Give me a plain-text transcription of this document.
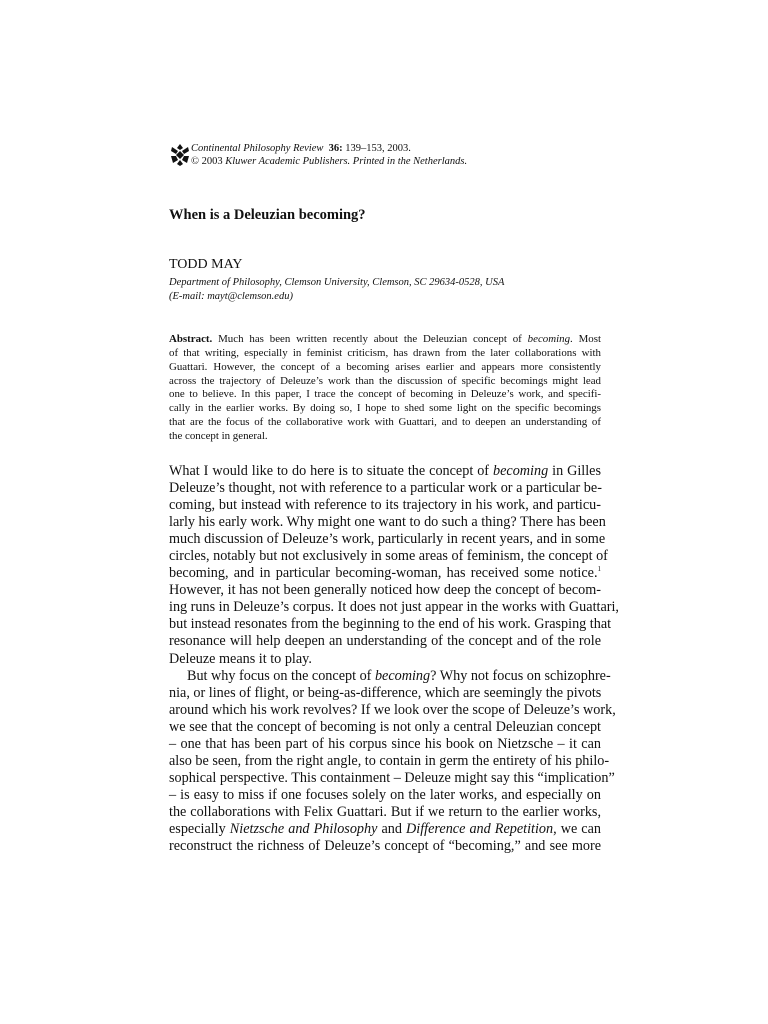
Continental Philosophy Review 36: 139–153, 2003.
© 2003 Kluwer Academic Publishers. Printed in the Netherlands.
When is a Deleuzian becoming?
TODD MAY
Department of Philosophy, Clemson University, Clemson, SC 29634-0528, USA
(E-mail: mayt@clemson.edu)
Abstract. Much has been written recently about the Deleuzian concept of becoming. Most
of that writing, especially in feminist criticism, has drawn from the later collaborations with
Guattari. However, the concept of a becoming arises earlier and appears more consistently
across the trajectory of Deleuze’s work than the discussion of specific becomings might lead
one to believe. In this paper, I trace the concept of becoming in Deleuze’s work, and specifi-
cally in the earlier works. By doing so, I hope to shed some light on the specific becomings
that are the focus of the collaborative work with Guattari, and to deepen an understanding of
the concept in general.
What I would like to do here is to situate the concept of becoming in Gilles
Deleuze’s thought, not with reference to a particular work or a particular be-
coming, but instead with reference to its trajectory in his work, and particu-
larly his early work. Why might one want to do such a thing? There has been
much discussion of Deleuze’s work, particularly in recent years, and in some
circles, notably but not exclusively in some areas of feminism, the concept of
becoming, and in particular becoming-woman, has received some notice.$^1$
However, it has not been generally noticed how deep the concept of becom-
ing runs in Deleuze’s corpus. It does not just appear in the works with Guattari,
but instead resonates from the beginning to the end of his work. Grasping that
resonance will help deepen an understanding of the concept and of the role
Deleuze means it to play.
But why focus on the concept of becoming? Why not focus on schizophre-
nia, or lines of flight, or being-as-difference, which are seemingly the pivots
around which his work revolves? If we look over the scope of Deleuze’s work,
we see that the concept of becoming is not only a central Deleuzian concept
– one that has been part of his corpus since his book on Nietzsche – it can
also be seen, from the right angle, to contain in germ the entirety of his philo-
sophical perspective. This containment – Deleuze might say this “implication”
– is easy to miss if one focuses solely on the later works, and especially on
the collaborations with Felix Guattari. But if we return to the earlier works,
especially Nietzsche and Philosophy and Difference and Repetition, we can
reconstruct the richness of Deleuze’s concept of “becoming,” and see more
